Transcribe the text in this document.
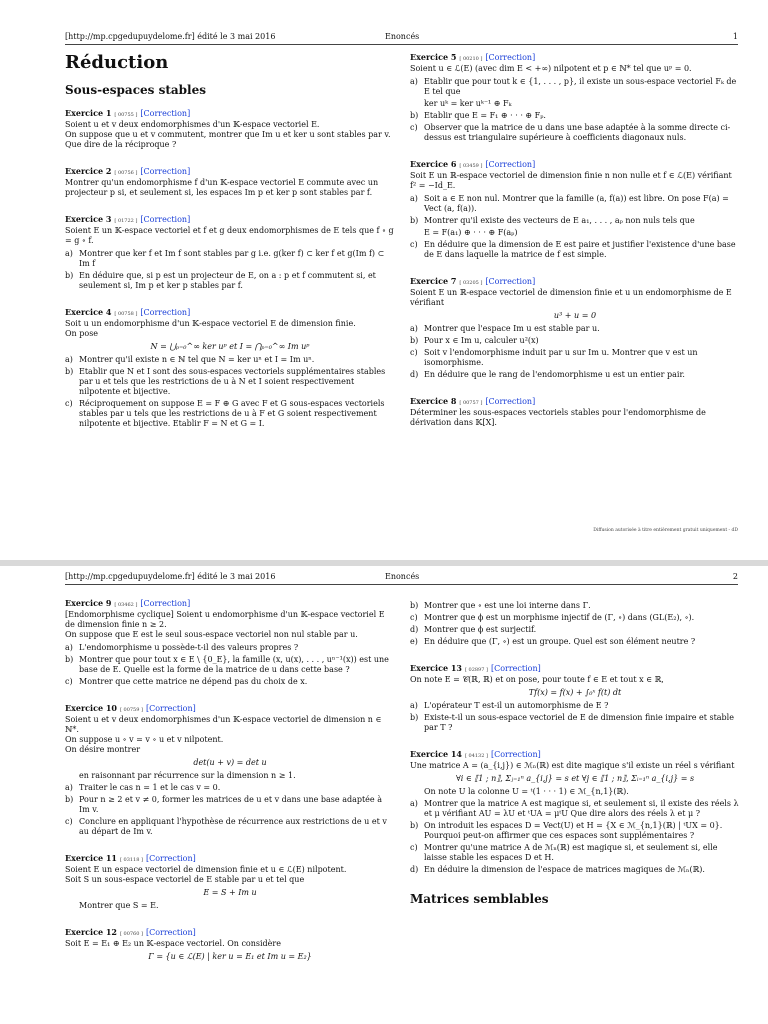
[http://mp.cpgedupuydelome.fr] édité le 3 mai 2016	Enoncés	1
Réduction
Sous-espaces stables
Exercice 1 [ 00755 ] [Correction]

Soient u et v deux endomorphismes d'un 𝕂-espace vectoriel E.

On suppose que u et v commutent, montrer que Im u et ker u sont stables par v.

Que dire de la réciproque ?

Exercice 2 [ 00756 ] [Correction]

Montrer qu'un endomorphisme f d'un 𝕂-espace vectoriel E commute avec un projecteur p si, et seulement si, les espaces Im p et ker p sont stables par f.

Exercice 3 [ 01722 ] [Correction]

Soient E un 𝕂-espace vectoriel et f et g deux endomorphismes de E tels que f ∘ g = g ∘ f.

a) Montrer que ker f et Im f sont stables par g i.e. g(ker f) ⊂ ker f et g(Im f) ⊂ Im f
b) En déduire que, si p est un projecteur de E, on a : p et f commutent si, et seulement si, Im p et ker p stables par f.
Exercice 4 [ 00758 ] [Correction]

Soit u un endomorphisme d'un 𝕂-espace vectoriel E de dimension finie.

On pose

N = ⋃ₚ₌₀^∞ ker uᵖ et I = ⋂ₚ₌₀^∞ Im uᵖ
a) Montrer qu'il existe n ∈ ℕ tel que N = ker uⁿ et I = Im uⁿ.
b) Etablir que N et I sont des sous-espaces vectoriels supplémentaires stables par u et tels que les restrictions de u à N et I soient respectivement nilpotente et bijective.
c) Réciproquement on suppose E = F ⊕ G avec F et G sous-espaces vectoriels stables par u tels que les restrictions de u à F et G soient respectivement nilpotente et bijective. Etablir F = N et G = I.
Exercice 5 [ 00210 ] [Correction]

Soient u ∈ ℒ(E) (avec dim E < +∞) nilpotent et p ∈ ℕ* tel que uᵖ = 0.

a) Etablir que pour tout k ∈ {1, . . . , p}, il existe un sous-espace vectoriel Fₖ de E tel que
ker uᵏ = ker uᵏ⁻¹ ⊕ Fₖ
b) Etablir que E = F₁ ⊕ · · · ⊕ Fₚ.
c) Observer que la matrice de u dans une base adaptée à la somme directe ci-dessus est triangulaire supérieure à coefficients diagonaux nuls.
Exercice 6 [ 03459 ] [Correction]

Soit E un ℝ-espace vectoriel de dimension finie n non nulle et f ∈ ℒ(E) vérifiant f² = −Id_E.

a) Soit a ∈ E non nul. Montrer que la famille (a, f(a)) est libre. On pose F(a) = Vect (a, f(a)).
b) Montrer qu'il existe des vecteurs de E a₁, . . . , aₚ non nuls tels que
E = F(a₁) ⊕ · · · ⊕ F(aₚ)
c) En déduire que la dimension de E est paire et justifier l'existence d'une base de E dans laquelle la matrice de f est simple.
Exercice 7 [ 03205 ] [Correction]

Soient E un ℝ-espace vectoriel de dimension finie et u un endomorphisme de E vérifiant

u³ + u = 0
a) Montrer que l'espace Im u est stable par u.
b) Pour x ∈ Im u, calculer u²(x)
c) Soit v l'endomorphisme induit par u sur Im u. Montrer que v est un isomorphisme.
d) En déduire que le rang de l'endomorphisme u est un entier pair.
Exercice 8 [ 00757 ] [Correction]

Déterminer les sous-espaces vectoriels stables pour l'endomorphisme de dérivation dans 𝕂[X].

Diffusion autorisée à titre entièrement gratuit uniquement - dD
[http://mp.cpgedupuydelome.fr] édité le 3 mai 2016	Enoncés	2
Exercice 9 [ 03462 ] [Correction]

[Endomorphisme cyclique] Soient u endomorphisme d'un 𝕂-espace vectoriel E de dimension finie n ≥ 2.

On suppose que E est le seul sous-espace vectoriel non nul stable par u.

a) L'endomorphisme u possède-t-il des valeurs propres ?
b) Montrer que pour tout x ∈ E \ {0_E}, la famille (x, u(x), . . . , uⁿ⁻¹(x)) est une base de E. Quelle est la forme de la matrice de u dans cette base ?
c) Montrer que cette matrice ne dépend pas du choix de x.
Exercice 10 [ 00759 ] [Correction]

Soient u et v deux endomorphismes d'un 𝕂-espace vectoriel de dimension n ∈ ℕ*.

On suppose u ∘ v = v ∘ u et v nilpotent.

On désire montrer

det(u + v) = det u
en raisonnant par récurrence sur la dimension n ≥ 1.
a) Traiter le cas n = 1 et le cas v = 0.
b) Pour n ≥ 2 et v ≠ 0, former les matrices de u et v dans une base adaptée à Im v.
c) Conclure en appliquant l'hypothèse de récurrence aux restrictions de u et v au départ de Im v.
Exercice 11 [ 03118 ] [Correction]

Soient E un espace vectoriel de dimension finie et u ∈ ℒ(E) nilpotent.

Soit S un sous-espace vectoriel de E stable par u et tel que

E = S + Im u
Montrer que S = E.
Exercice 12 [ 00760 ] [Correction]

Soit E = E₁ ⊕ E₂ un 𝕂-espace vectoriel. On considère

Γ = {u ∈ ℒ(E) | ker u = E₁ et Im u = E₂}
b) Montrer que ∘ est une loi interne dans Γ.
c) Montrer que ϕ est un morphisme injectif de (Γ, ∘) dans (GL(E₂), ∘).
d) Montrer que ϕ est surjectif.
e) En déduire que (Γ, ∘) est un groupe. Quel est son élément neutre ?
Exercice 13 [ 02897 ] [Correction]

On note E = 𝒞(ℝ, ℝ) et on pose, pour toute f ∈ E et tout x ∈ ℝ,

Tf(x) = f(x) + ∫₀ˣ f(t) dt
a) L'opérateur T est-il un automorphisme de E ?
b) Existe-t-il un sous-espace vectoriel de E de dimension finie impaire et stable par T ?
Exercice 14 [ 04132 ] [Correction]

Une matrice A = (a_{i,j}) ∈ ℳₙ(ℝ) est dite magique s'il existe un réel s vérifiant

∀i ∈ ⟦1 ; n⟧, Σⱼ₌₁ⁿ a_{i,j} = s et ∀j ∈ ⟦1 ; n⟧, Σᵢ₌₁ⁿ a_{i,j} = s
On note U la colonne U = ᵗ(1 · · · 1) ∈ ℳ_{n,1}(ℝ).
a) Montrer que la matrice A est magique si, et seulement si, il existe des réels λ et μ vérifiant AU = λU et ᵗUA = μᵗU Que dire alors des réels λ et μ ?
b) On introduit les espaces D = Vect(U) et H = {X ∈ ℳ_{n,1}(ℝ) | ᵗUX = 0}. Pourquoi peut-on affirmer que ces espaces sont supplémentaires ?
c) Montrer qu'une matrice A de ℳₙ(ℝ) est magique si, et seulement si, elle laisse stable les espaces D et H.
d) En déduire la dimension de l'espace de matrices magiques de ℳₙ(ℝ).
Matrices semblables
